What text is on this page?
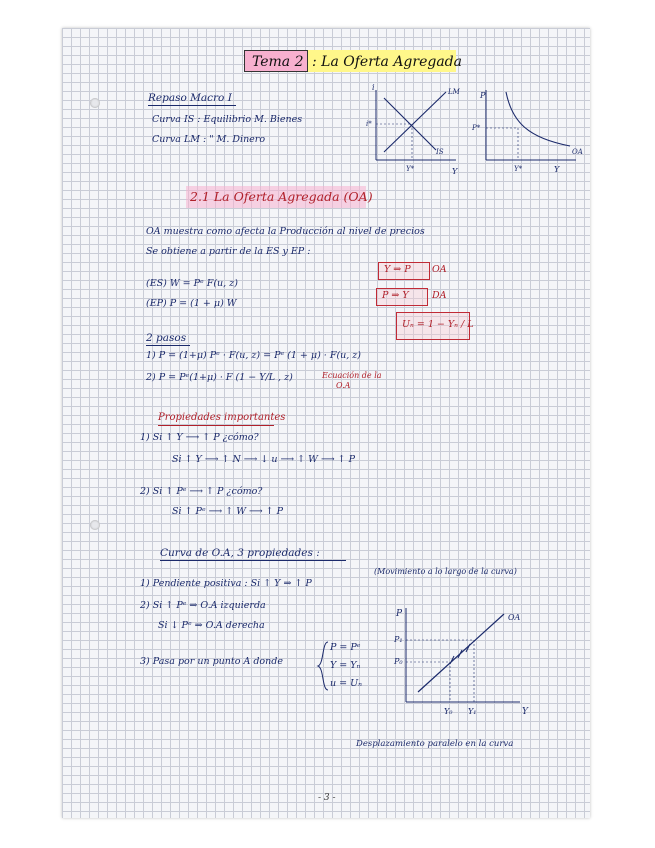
Tema 2 : La Oferta Agregada
Repaso Macro I
Curva IS : Equilibrio M. Bienes
Curva LM : " M. Dinero
i	LM
IS
i*
Y*	Y
P
P*
OA
Y*	Y
2.1 La Oferta Agregada (OA)
OA muestra como afecta la Producción al nivel de precios
Se obtiene a partir de la ES y EP :
(ES) W = Pᵉ F(u, z)
(EP) P = (1 + μ) W
Y ⇒ P OA
P ⇒ Y DA
Uₙ = 1 − Yₙ / L
2 pasos
1) P = (1+μ) Pᵉ · F(u, z) = Pᵉ (1 + μ) · F(u, z)
2) P = Pᵉ(1+μ) · F (1 − Y/L , z)	Ecuación de la
O.A
Propiedades importantes
1) Si ↑ Y ⟶ ↑ P ¿cómo?
Si ↑ Y ⟶ ↑ N ⟶ ↓ u ⟶ ↑ W ⟶ ↑ P
2) Si ↑ Pᵉ ⟶ ↑ P ¿cómo?
Si ↑ Pᵉ ⟶ ↑ W ⟶ ↑ P
Curva de O.A, 3 propiedades :
(Movimiento a lo largo de la curva)
1) Pendiente positiva : Si ↑ Y ⇒ ↑ P
2) Si ↑ Pᵉ ⇒ O.A izquierda
Si ↓ Pᵉ ⇒ O.A derecha
3) Pasa por un punto A donde
P = Pᵉ
Y = Yₙ
u = Uₙ
P
P₁
P₀
OA
Y₀ Y₁	Y
Desplazamiento paralelo en la curva
- 3 -
